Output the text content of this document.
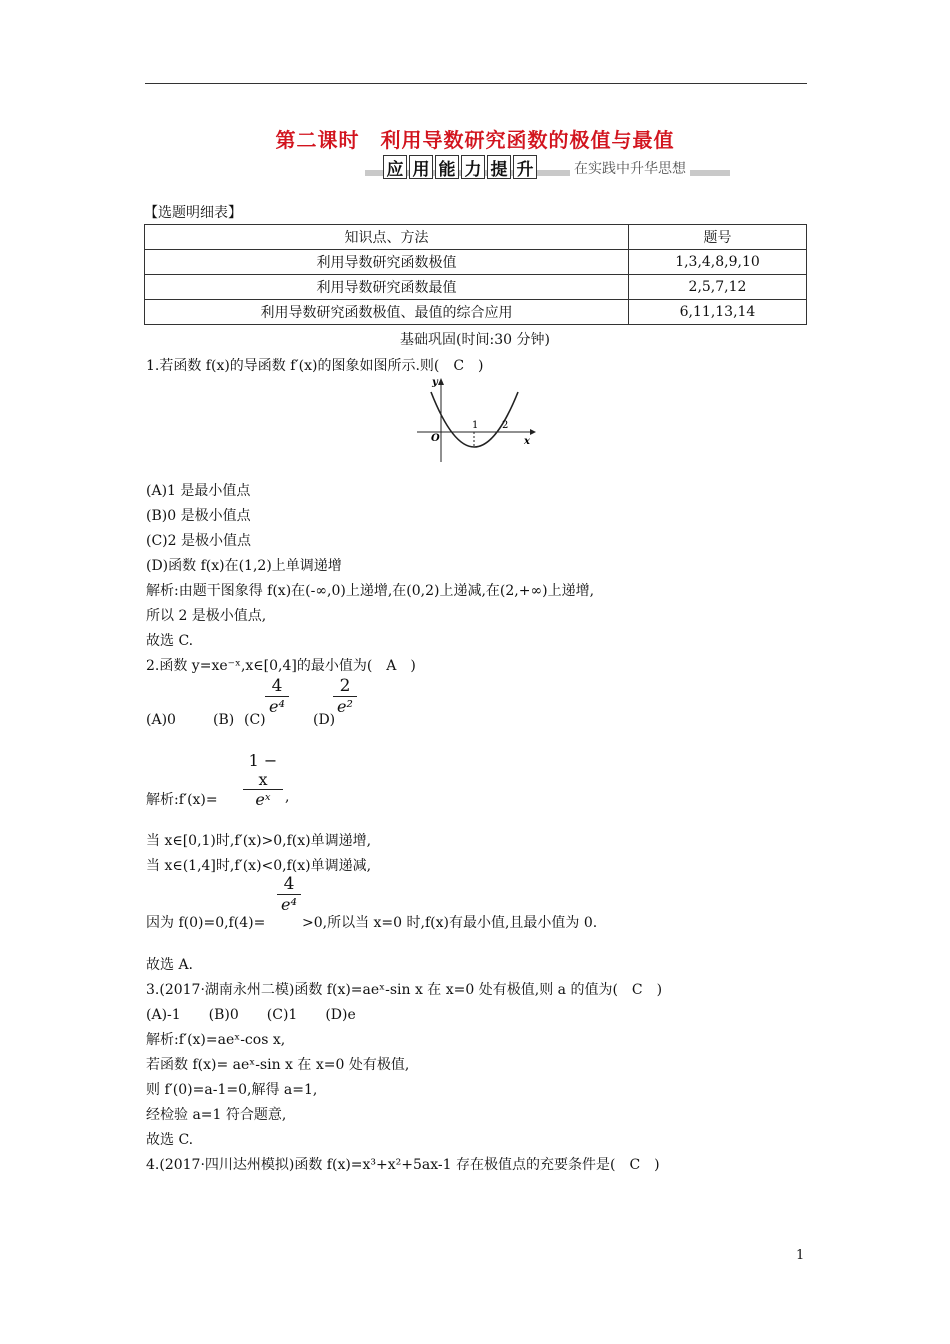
第二课时　利用导数研究函数的极值与最值
应 用 能 力 提 升	在实践中升华思想
【选题明细表】
知识点、方法	题号
利用导数研究函数极值	1,3,4,8,9,10
利用导数研究函数最值	2,5,7,12
利用导数研究函数极值、最值的综合应用	6,11,13,14
基础巩固(时间:30 分钟)
1.若函数 f(x)的导函数 f′(x)的图象如图所示.则(　C　)
y
x
O
1 2
(A)1 是最小值点
(B)0 是极小值点
(C)2 是极小值点
(D)函数 f(x)在(1,2)上单调递增
解析:由题干图象得 f(x)在(-∞,0)上递增,在(0,2)上递减,在(2,+∞)上递增,
所以 2 是极小值点,
故选 C.
2.函数 y=xe⁻ˣ,x∈[0,4]的最小值为(　A　)
(A)0	(B) (C)
$\frac{4}{\text{e⁴}}$
(D)
$\frac{2}{\text{e²}}$
解析:f′(x)= $\frac{1 - x}{\text{eˣ}}$ ,
当 x∈[0,1)时,f′(x)>0,f(x)单调递增,
当 x∈(1,4]时,f′(x)<0,f(x)单调递减,
因为 f(0)=0,f(4)=
$\frac{4}{\text{e⁴}}$
>0,所以当 x=0 时,f(x)有最小值,且最小值为 0.
故选 A.
3.(2017·湖南永州二模)函数 f(x)=aeˣ-sin x 在 x=0 处有极值,则 a 的值为(　C　)
(A)-1　　(B)0　　(C)1　　(D)e
解析:f′(x)=aeˣ-cos x,
若函数 f(x)= aeˣ-sin x 在 x=0 处有极值,
则 f′(0)=a-1=0,解得 a=1,
经检验 a=1 符合题意,
故选 C.
4.(2017·四川达州模拟)函数 f(x)=x³+x²+5ax-1 存在极值点的充要条件是(　C　)
1
